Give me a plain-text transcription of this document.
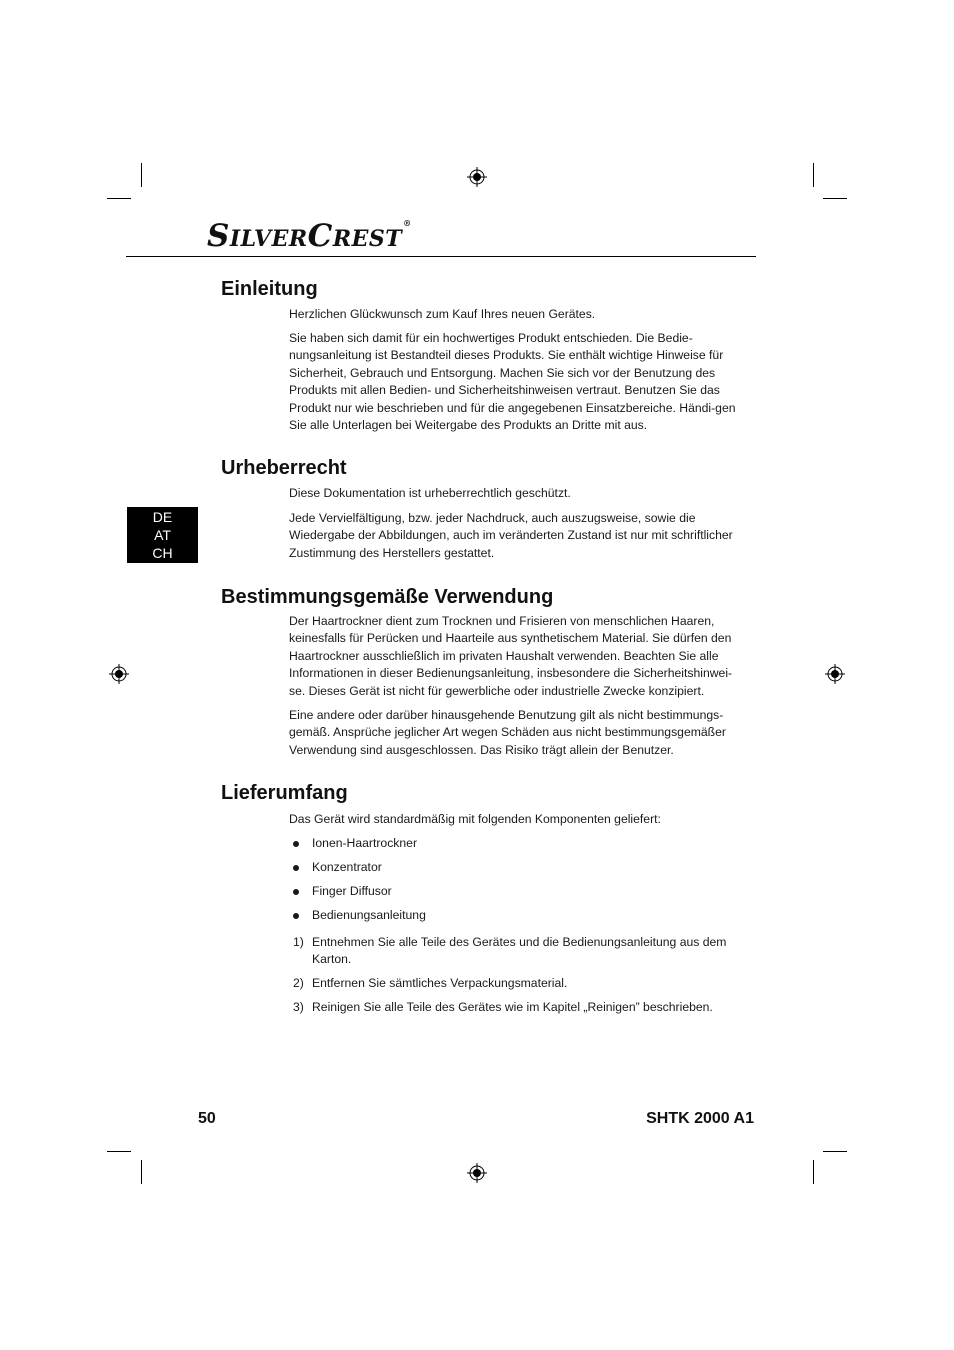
SILVERCREST®
DE
AT
CH
Einleitung

Herzlichen Glückwunsch zum Kauf Ihres neuen Gerätes.

Sie haben sich damit für ein hochwertiges Produkt entschieden. Die Bedie-nungsanleitung ist Bestandteil dieses Produkts. Sie enthält wichtige Hinweise für Sicherheit, Gebrauch und Entsorgung. Machen Sie sich vor der Benutzung des Produkts mit allen Bedien- und Sicherheitshinweisen vertraut. Benutzen Sie das Produkt nur wie beschrieben und für die angegebenen Einsatzbereiche. Händi-gen Sie alle Unterlagen bei Weitergabe des Produkts an Dritte mit aus.

Urheberrecht

Diese Dokumentation ist urheberrechtlich geschützt.

Jede Vervielfältigung, bzw. jeder Nachdruck, auch auszugsweise, sowie die Wiedergabe der Abbildungen, auch im veränderten Zustand ist nur mit schriftlicher Zustimmung des Herstellers gestattet.

Bestimmungsgemäße Verwendung

Der Haartrockner dient zum Trocknen und Frisieren von menschlichen Haaren, keinesfalls für Perücken und Haarteile aus synthetischem Material. Sie dürfen den Haartrockner ausschließlich im privaten Haushalt verwenden. Beachten Sie alle Informationen in dieser Bedienungsanleitung, insbesondere die Sicherheitshinwei-se. Dieses Gerät ist nicht für gewerbliche oder industrielle Zwecke konzipiert.

Eine andere oder darüber hinausgehende Benutzung gilt als nicht bestimmungs-gemäß. Ansprüche jeglicher Art wegen Schäden aus nicht bestimmungsgemäßer Verwendung sind ausgeschlossen. Das Risiko trägt allein der Benutzer.

Lieferumfang

Das Gerät wird standardmäßig mit folgenden Komponenten geliefert:

Ionen-Haartrockner

Konzentrator

Finger Diffusor

Bedienungsanleitung

1) Entnehmen Sie alle Teile des Gerätes und die Bedienungsanleitung aus dem Karton.

2) Entfernen Sie sämtliches Verpackungsmaterial.

3) Reinigen Sie alle Teile des Gerätes wie im Kapitel „Reinigen” beschrieben.

50	SHTK 2000 A1
